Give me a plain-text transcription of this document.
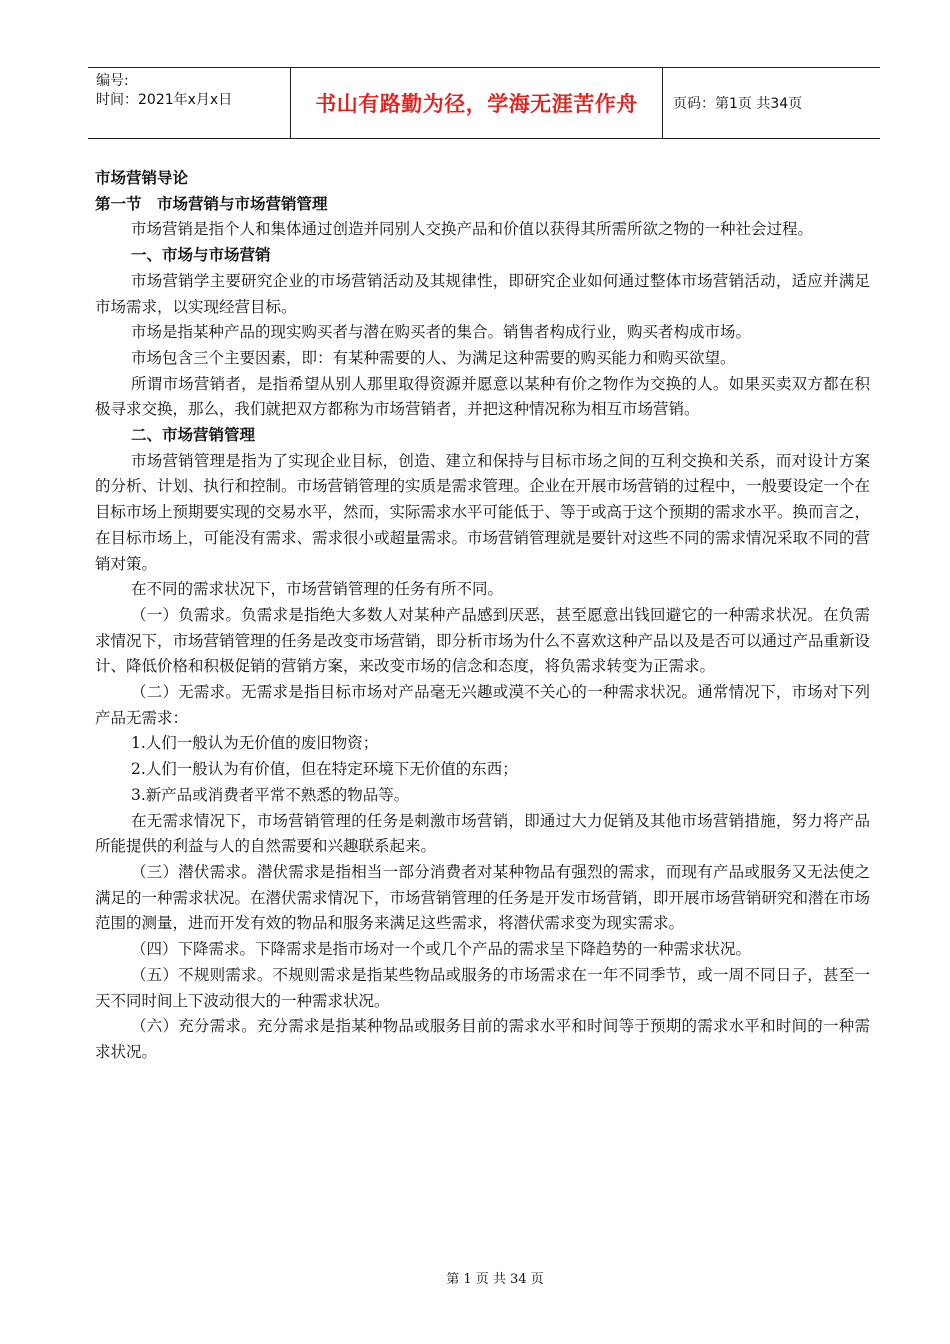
编号:
时间：2021年x月x日	书山有路勤为径，学海无涯苦作舟	页码：第1页 共34页

市场营销导论

第一节　市场营销与市场营销管理

市场营销是指个人和集体通过创造并同别人交换产品和价值以获得其所需所欲之物的一种社会过程。

一、市场与市场营销

市场营销学主要研究企业的市场营销活动及其规律性，即研究企业如何通过整体市场营销活动，适应并满足市场需求，以实现经营目标。

市场是指某种产品的现实购买者与潜在购买者的集合。销售者构成行业，购买者构成市场。

市场包含三个主要因素，即：有某种需要的人、为满足这种需要的购买能力和购买欲望。

所谓市场营销者，是指希望从别人那里取得资源并愿意以某种有价之物作为交换的人。如果买卖双方都在积极寻求交换，那么，我们就把双方都称为市场营销者，并把这种情况称为相互市场营销。

二、市场营销管理

市场营销管理是指为了实现企业目标，创造、建立和保持与目标市场之间的互利交换和关系，而对设计方案的分析、计划、执行和控制。市场营销管理的实质是需求管理。企业在开展市场营销的过程中，一般要设定一个在目标市场上预期要实现的交易水平，然而，实际需求水平可能低于、等于或高于这个预期的需求水平。换而言之，在目标市场上，可能没有需求、需求很小或超量需求。市场营销管理就是要针对这些不同的需求情况采取不同的营销对策。

在不同的需求状况下，市场营销管理的任务有所不同。

（一）负需求。负需求是指绝大多数人对某种产品感到厌恶，甚至愿意出钱回避它的一种需求状况。在负需求情况下，市场营销管理的任务是改变市场营销，即分析市场为什么不喜欢这种产品以及是否可以通过产品重新设计、降低价格和积极促销的营销方案，来改变市场的信念和态度，将负需求转变为正需求。

（二）无需求。无需求是指目标市场对产品毫无兴趣或漠不关心的一种需求状况。通常情况下，市场对下列产品无需求：

1.人们一般认为无价值的废旧物资；

2.人们一般认为有价值，但在特定环境下无价值的东西；

3.新产品或消费者平常不熟悉的物品等。

在无需求情况下，市场营销管理的任务是刺激市场营销，即通过大力促销及其他市场营销措施，努力将产品所能提供的利益与人的自然需要和兴趣联系起来。

（三）潜伏需求。潜伏需求是指相当一部分消费者对某种物品有强烈的需求，而现有产品或服务又无法使之满足的一种需求状况。在潜伏需求情况下，市场营销管理的任务是开发市场营销，即开展市场营销研究和潜在市场范围的测量，进而开发有效的物品和服务来满足这些需求，将潜伏需求变为现实需求。

（四）下降需求。下降需求是指市场对一个或几个产品的需求呈下降趋势的一种需求状况。

（五）不规则需求。不规则需求是指某些物品或服务的市场需求在一年不同季节，或一周不同日子，甚至一天不同时间上下波动很大的一种需求状况。

（六）充分需求。充分需求是指某种物品或服务目前的需求水平和时间等于预期的需求水平和时间的一种需求状况。

第 1 页 共 34 页
